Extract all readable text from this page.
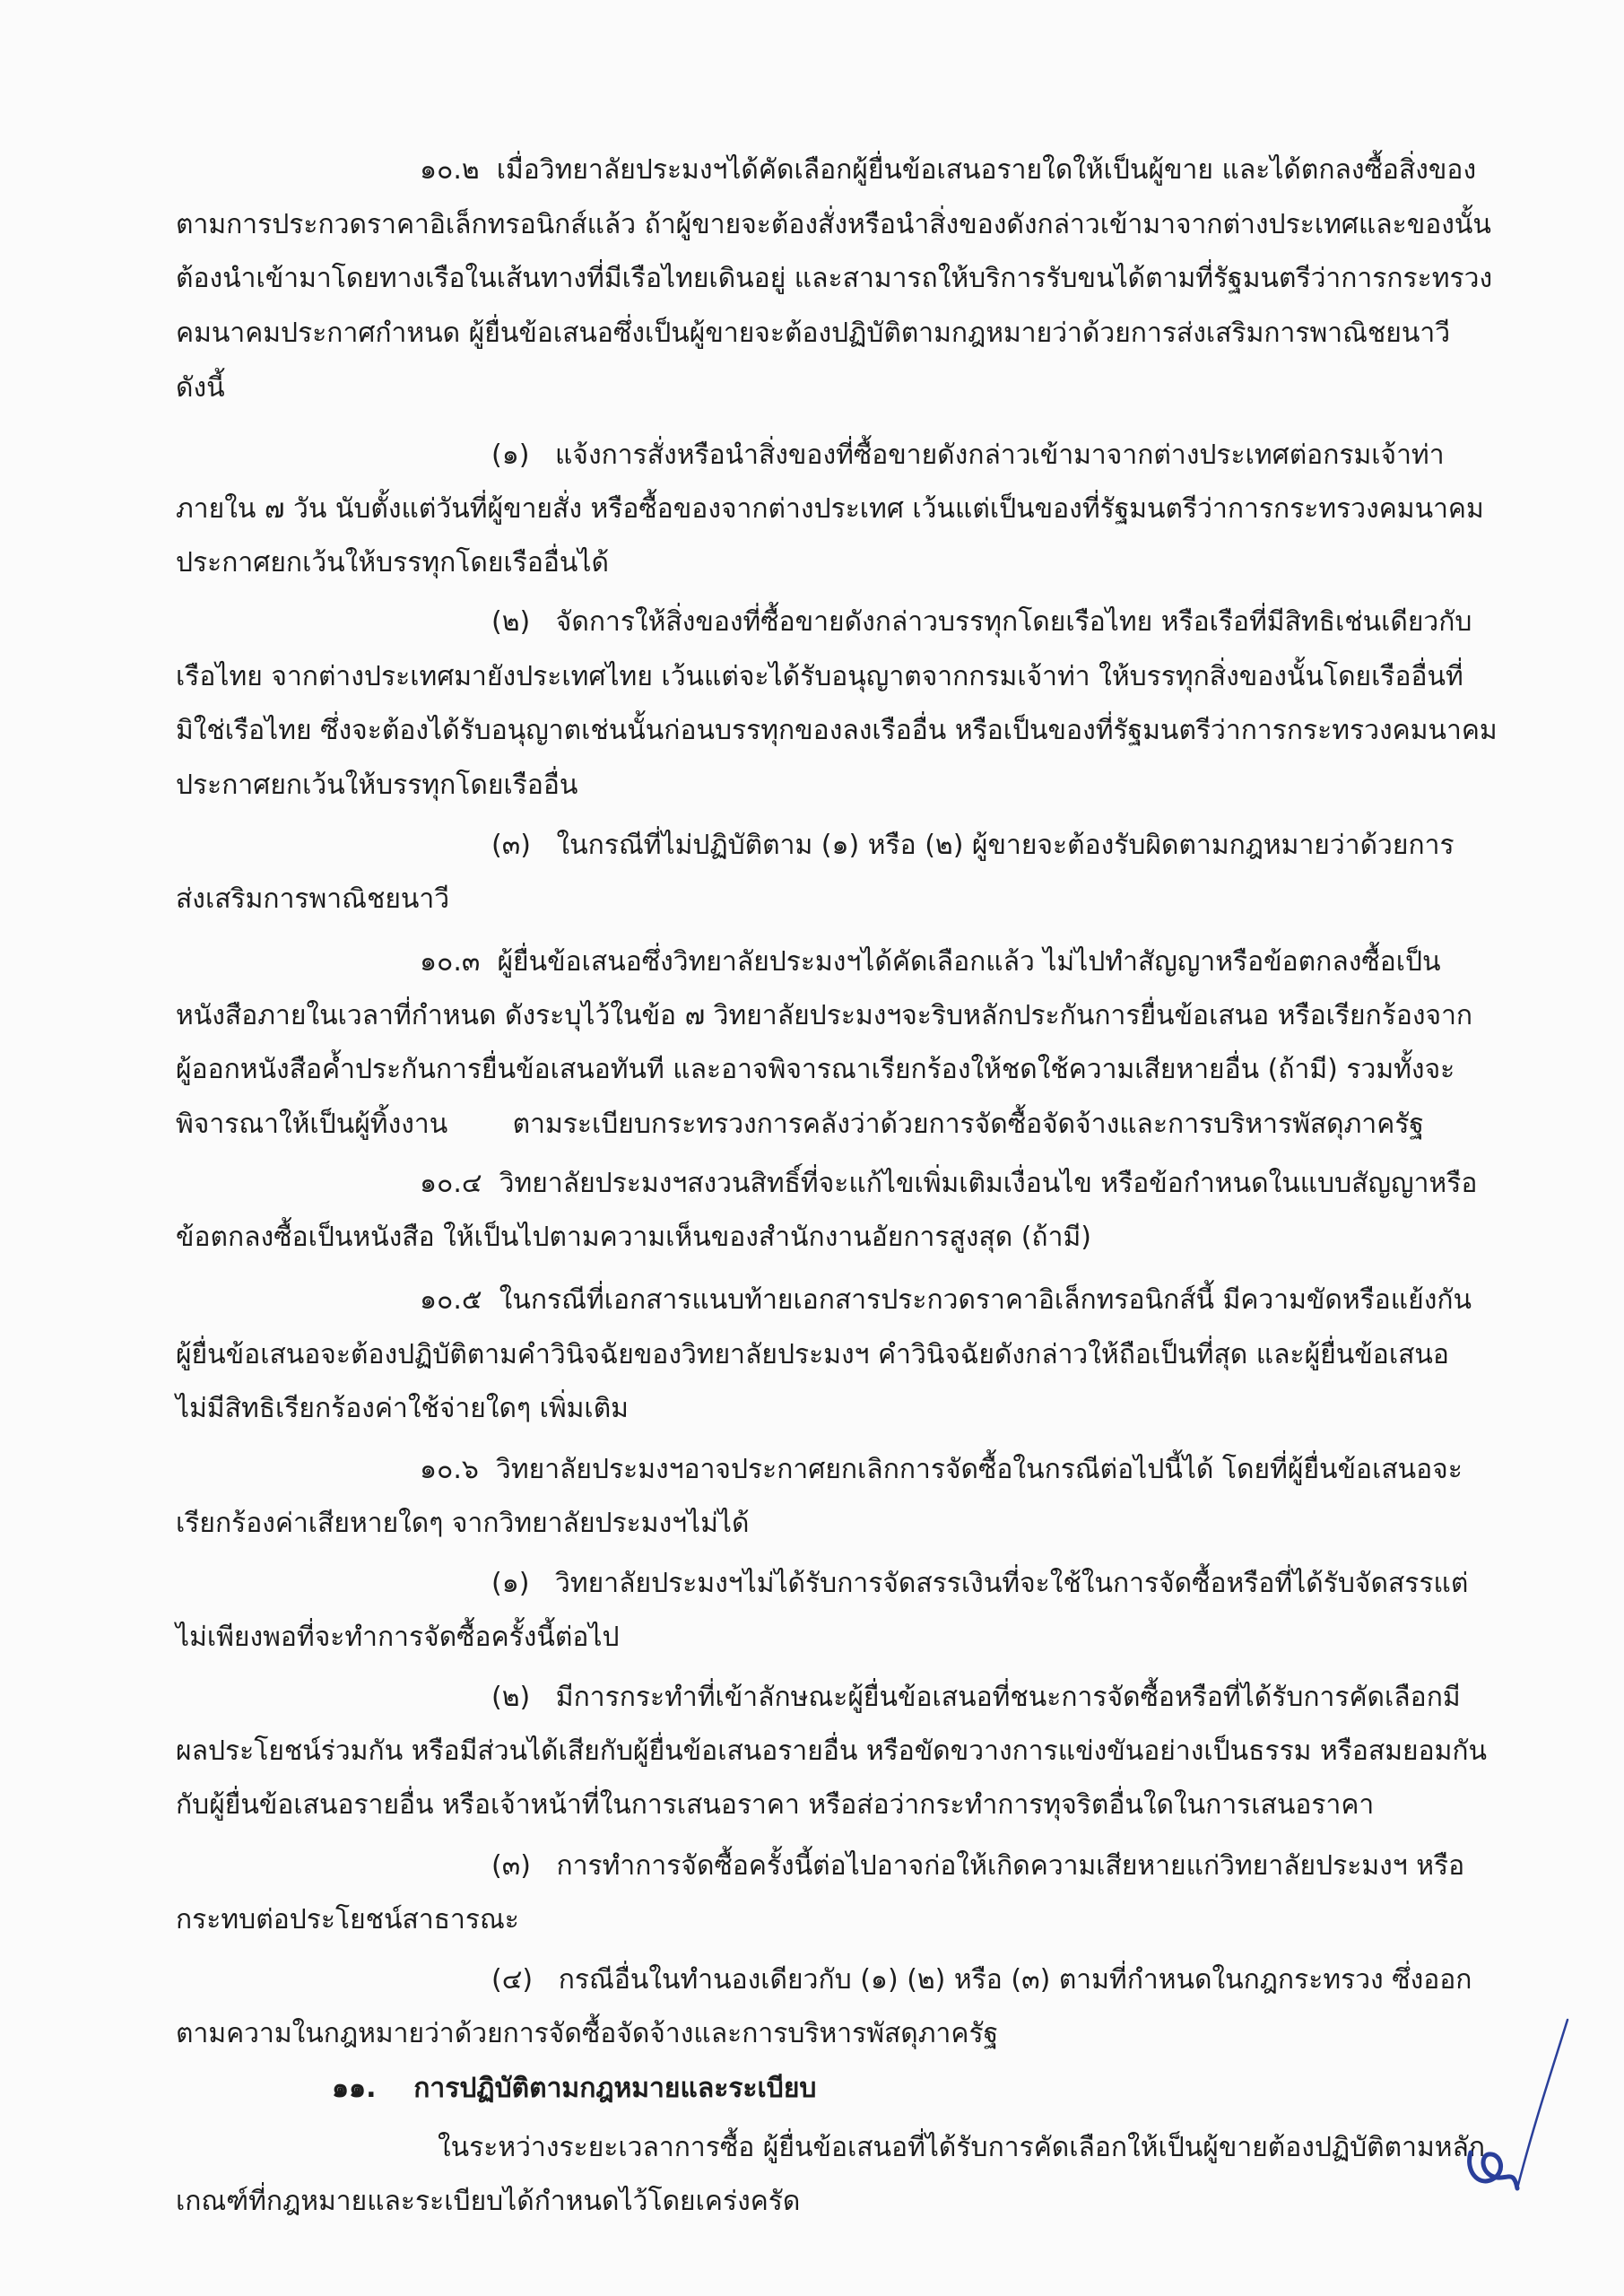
๑๐.๒  เมื่อวิทยาลัยประมงฯได้คัดเลือกผู้ยื่นข้อเสนอรายใดให้เป็นผู้ขาย และได้ตกลงซื้อสิ่งของ
ตามการประกวดราคาอิเล็กทรอนิกส์แล้ว ถ้าผู้ขายจะต้องสั่งหรือนำสิ่งของดังกล่าวเข้ามาจากต่างประเทศและของนั้น
ต้องนำเข้ามาโดยทางเรือในเส้นทางที่มีเรือไทยเดินอยู่ และสามารถให้บริการรับขนได้ตามที่รัฐมนตรีว่าการกระทรวง
คมนาคมประกาศกำหนด ผู้ยื่นข้อเสนอซึ่งเป็นผู้ขายจะต้องปฏิบัติตามกฎหมายว่าด้วยการส่งเสริมการพาณิชยนาวี
ดังนี้
(๑)   แจ้งการสั่งหรือนำสิ่งของที่ซื้อขายดังกล่าวเข้ามาจากต่างประเทศต่อกรมเจ้าท่า
ภายใน ๗ วัน นับตั้งแต่วันที่ผู้ขายสั่ง หรือซื้อของจากต่างประเทศ เว้นแต่เป็นของที่รัฐมนตรีว่าการกระทรวงคมนาคม
ประกาศยกเว้นให้บรรทุกโดยเรืออื่นได้
(๒)   จัดการให้สิ่งของที่ซื้อขายดังกล่าวบรรทุกโดยเรือไทย หรือเรือที่มีสิทธิเช่นเดียวกับ
เรือไทย จากต่างประเทศมายังประเทศไทย เว้นแต่จะได้รับอนุญาตจากกรมเจ้าท่า ให้บรรทุกสิ่งของนั้นโดยเรืออื่นที่
มิใช่เรือไทย ซึ่งจะต้องได้รับอนุญาตเช่นนั้นก่อนบรรทุกของลงเรืออื่น หรือเป็นของที่รัฐมนตรีว่าการกระทรวงคมนาคม
ประกาศยกเว้นให้บรรทุกโดยเรืออื่น
(๓)   ในกรณีที่ไม่ปฏิบัติตาม (๑) หรือ (๒) ผู้ขายจะต้องรับผิดตามกฎหมายว่าด้วยการ
ส่งเสริมการพาณิชยนาวี
๑๐.๓  ผู้ยื่นข้อเสนอซึ่งวิทยาลัยประมงฯได้คัดเลือกแล้ว ไม่ไปทำสัญญาหรือข้อตกลงซื้อเป็น
หนังสือภายในเวลาที่กำหนด ดังระบุไว้ในข้อ ๗ วิทยาลัยประมงฯจะริบหลักประกันการยื่นข้อเสนอ หรือเรียกร้องจาก
ผู้ออกหนังสือค้ำประกันการยื่นข้อเสนอทันที และอาจพิจารณาเรียกร้องให้ชดใช้ความเสียหายอื่น (ถ้ามี) รวมทั้งจะ
พิจารณาให้เป็นผู้ทิ้งงาน ตามระเบียบกระทรวงการคลังว่าด้วยการจัดซื้อจัดจ้างและการบริหารพัสดุภาครัฐ
๑๐.๔  วิทยาลัยประมงฯสงวนสิทธิ์ที่จะแก้ไขเพิ่มเติมเงื่อนไข หรือข้อกำหนดในแบบสัญญาหรือ
ข้อตกลงซื้อเป็นหนังสือ ให้เป็นไปตามความเห็นของสำนักงานอัยการสูงสุด (ถ้ามี)
๑๐.๕  ในกรณีที่เอกสารแนบท้ายเอกสารประกวดราคาอิเล็กทรอนิกส์นี้ มีความขัดหรือแย้งกัน
ผู้ยื่นข้อเสนอจะต้องปฏิบัติตามคำวินิจฉัยของวิทยาลัยประมงฯ คำวินิจฉัยดังกล่าวให้ถือเป็นที่สุด และผู้ยื่นข้อเสนอ
ไม่มีสิทธิเรียกร้องค่าใช้จ่ายใดๆ เพิ่มเติม
๑๐.๖  วิทยาลัยประมงฯอาจประกาศยกเลิกการจัดซื้อในกรณีต่อไปนี้ได้ โดยที่ผู้ยื่นข้อเสนอจะ
เรียกร้องค่าเสียหายใดๆ จากวิทยาลัยประมงฯไม่ได้
(๑)   วิทยาลัยประมงฯไม่ได้รับการจัดสรรเงินที่จะใช้ในการจัดซื้อหรือที่ได้รับจัดสรรแต่
ไม่เพียงพอที่จะทำการจัดซื้อครั้งนี้ต่อไป
(๒)   มีการกระทำที่เข้าลักษณะผู้ยื่นข้อเสนอที่ชนะการจัดซื้อหรือที่ได้รับการคัดเลือกมี
ผลประโยชน์ร่วมกัน หรือมีส่วนได้เสียกับผู้ยื่นข้อเสนอรายอื่น หรือขัดขวางการแข่งขันอย่างเป็นธรรม หรือสมยอมกัน
กับผู้ยื่นข้อเสนอรายอื่น หรือเจ้าหน้าที่ในการเสนอราคา หรือส่อว่ากระทำการทุจริตอื่นใดในการเสนอราคา
(๓)   การทำการจัดซื้อครั้งนี้ต่อไปอาจก่อให้เกิดความเสียหายแก่วิทยาลัยประมงฯ หรือ
กระทบต่อประโยชน์สาธารณะ
(๔)   กรณีอื่นในทำนองเดียวกับ (๑) (๒) หรือ (๓) ตามที่กำหนดในกฎกระทรวง ซึ่งออก
ตามความในกฎหมายว่าด้วยการจัดซื้อจัดจ้างและการบริหารพัสดุภาครัฐ
๑๑.    การปฏิบัติตามกฎหมายและระเบียบ
ในระหว่างระยะเวลาการซื้อ ผู้ยื่นข้อเสนอที่ได้รับการคัดเลือกให้เป็นผู้ขายต้องปฏิบัติตามหลัก
เกณฑ์ที่กฎหมายและระเบียบได้กำหนดไว้โดยเคร่งครัด
